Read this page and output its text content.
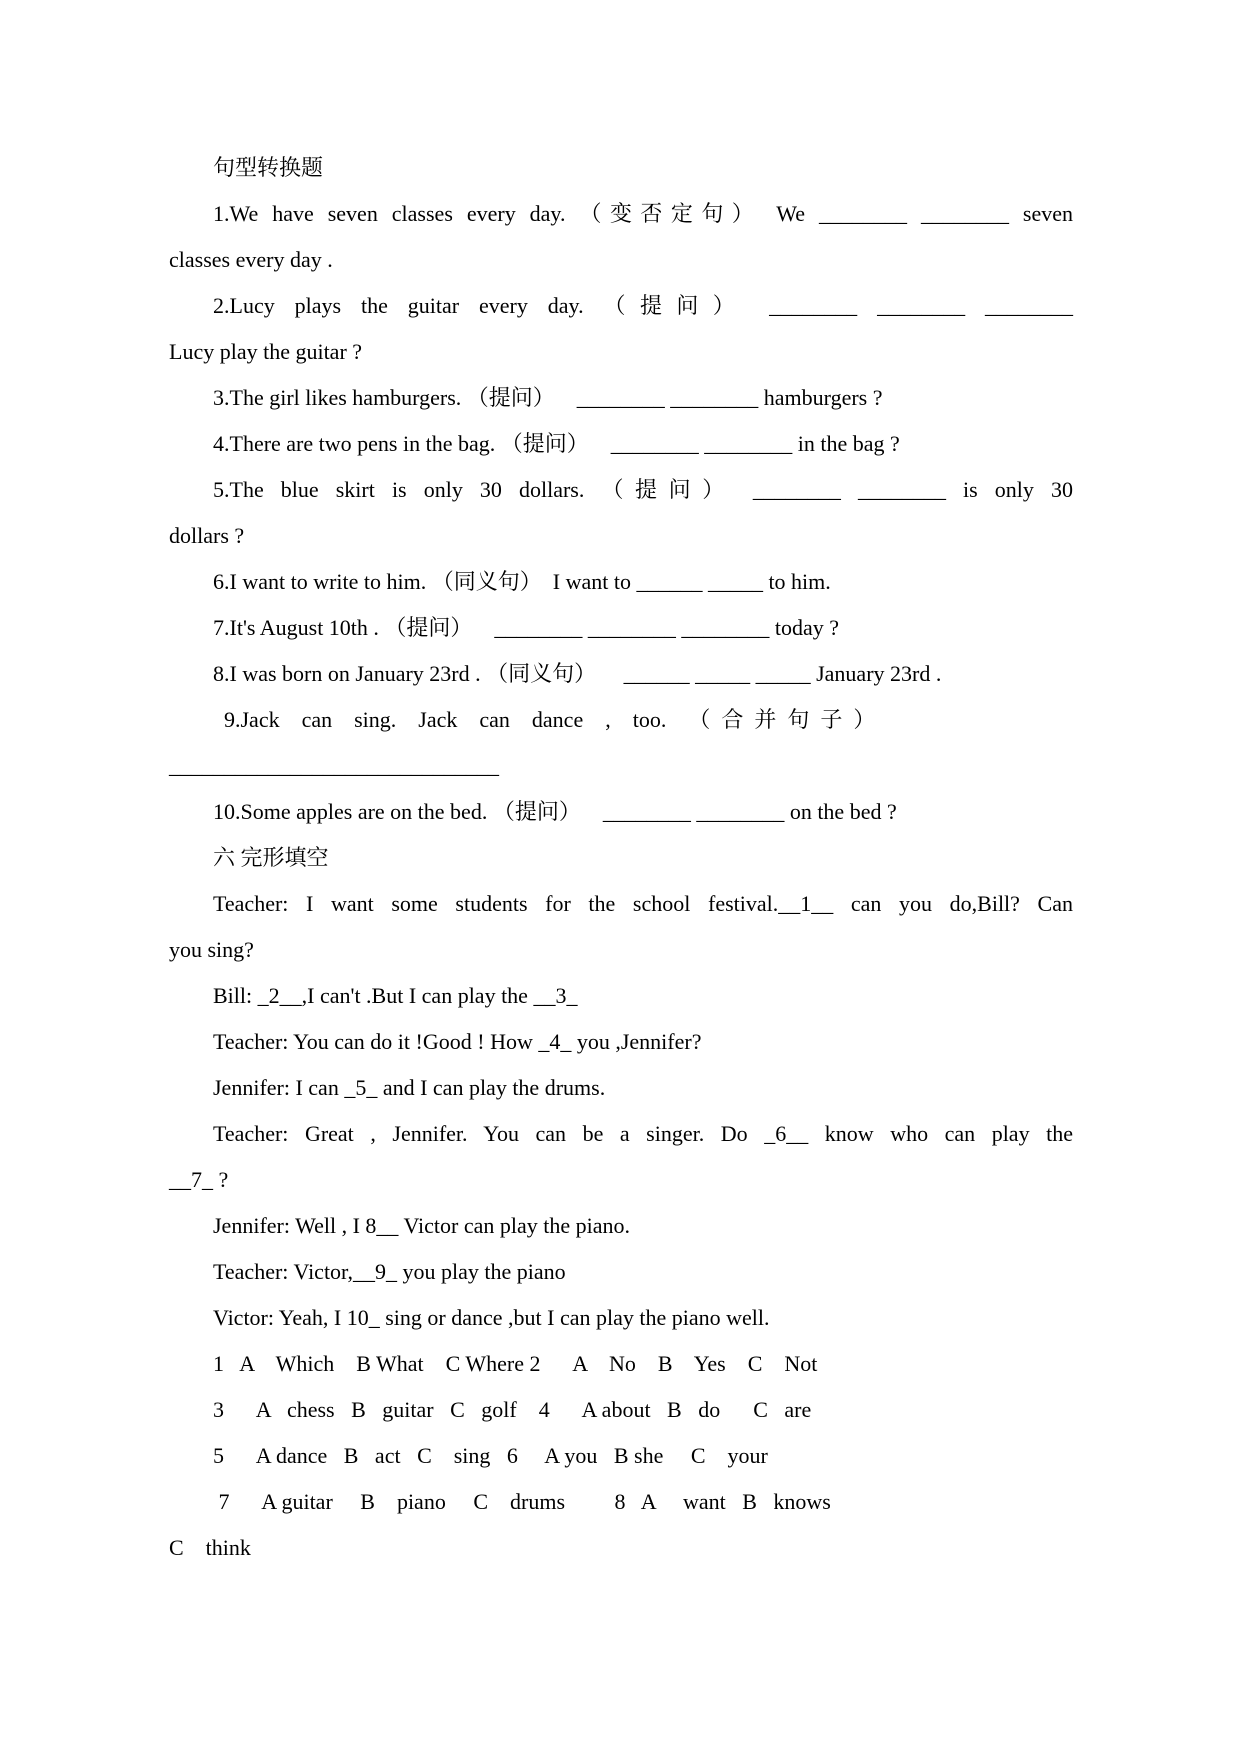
句型转换题

1.We have seven classes every day. （变否定句） We ________ ________ seven

classes every day .

2.Lucy plays the guitar every day. （提问） ________ ________ ________

Lucy play the guitar ?

3.The girl likes hamburgers. （提问）    ________ ________ hamburgers ?

4.There are two pens in the bag. （提问）    ________ ________ in the bag ?

5.The blue skirt is only 30 dollars. （提问） ________ ________ is only 30

dollars ?

6.I want to write to him. （同义句）  I want to ______ _____ to him.

7.It's August 10th . （提问）    ________ ________ ________ today ?

8.I was born on January 23rd . （同义句）     ______ _____ _____ January 23rd .

9.Jack    can    sing.    Jack    can    dance    ,    too.    （  合  并  句  子  ）

______________________________

10.Some apples are on the bed. （提问）    ________ ________ on the bed ?

六 完形填空

Teacher: I want some students for the school festival.__1__ can you do,Bill? Can

you sing?

Bill: _2__,I can't .But I can play the __3_

Teacher: You can do it !Good ! How _4_ you ,Jennifer?

Jennifer: I can _5_ and I can play the drums.

Teacher: Great , Jennifer. You can be a singer. Do _6__ know who can play the

__7_ ?

Jennifer: Well , I 8__ Victor can play the piano.

Teacher: Victor,__9_ you play the piano

Victor: Yeah, I 10_ sing or dance ,but I can play the piano well.

1   A    Which    B What    C Where 2      A    No    B    Yes    C    Not

3      A   chess   B   guitar   C   golf    4      A about   B   do      C   are

5      A dance   B   act   C    sing   6     A you   B she     C    your

7      A guitar     B    piano     C    drums         8   A     want   B   knows

C    think
